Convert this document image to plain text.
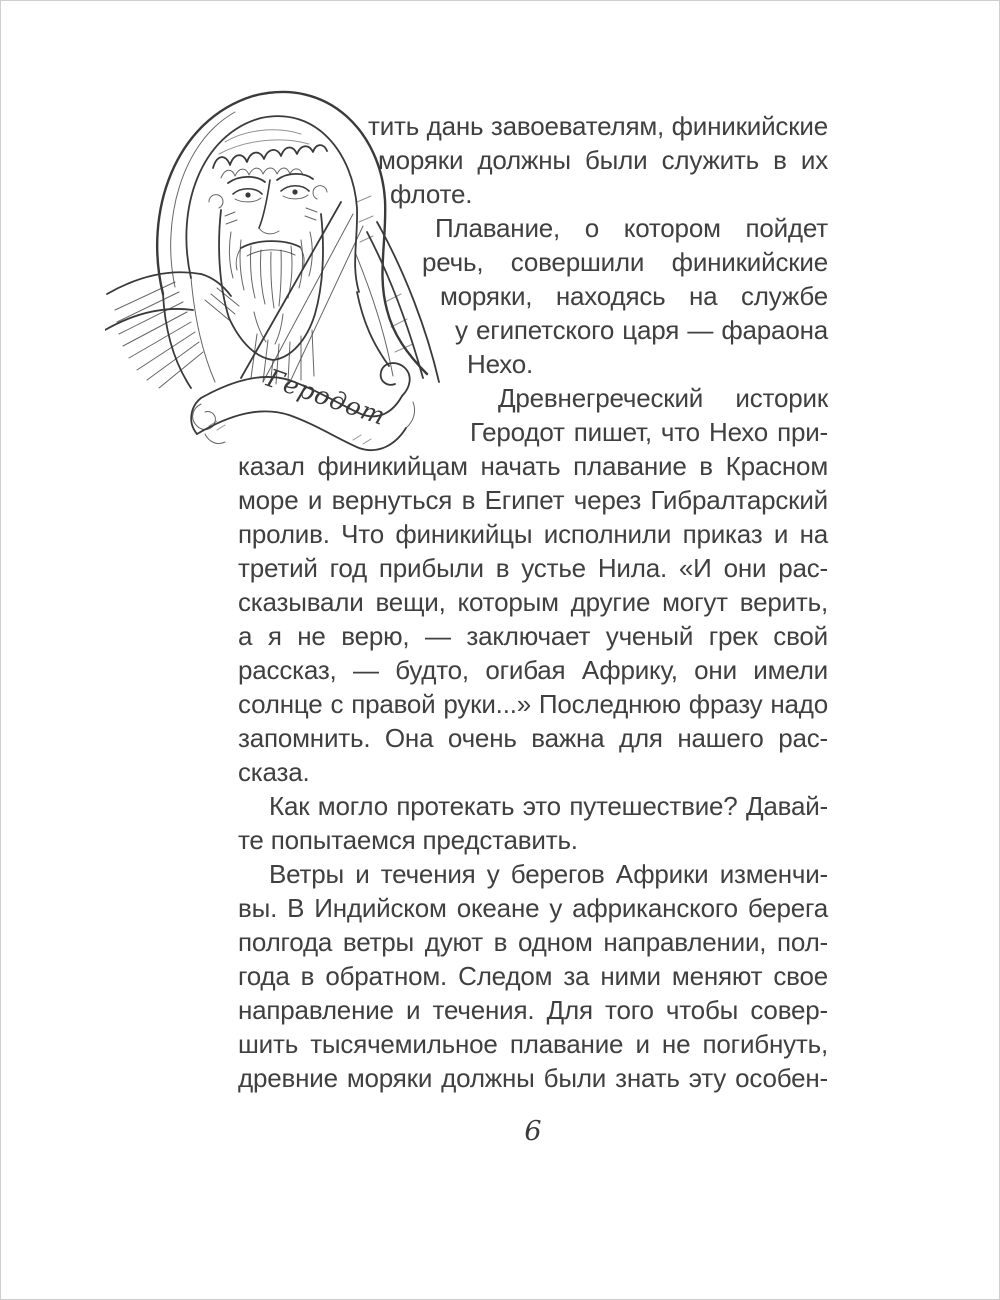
Геродот
тить дань завоевателям, финикийские
моряки должны были служить в их
флоте.
Плавание, о котором пойдет
речь, совершили финикийские
моряки, находясь на службе
у египетского царя — фараона
Нехо.
Древнегреческий историк
Геродот пишет, что Нехо при-
казал финикийцам начать плавание в Красном
море и вернуться в Египет через Гибралтарский
пролив. Что финикийцы исполнили приказ и на
третий год прибыли в устье Нила. «И они рас-
сказывали вещи, которым другие могут верить,
а я не верю, — заключает ученый грек свой
рассказ, — будто, огибая Африку, они имели
солнце с правой руки...» Последнюю фразу надо
запомнить. Она очень важна для нашего рас-
сказа.
Как могло протекать это путешествие? Давай-
те попытаемся представить.
Ветры и течения у берегов Африки изменчи-
вы. В Индийском океане у африканского берега
полгода ветры дуют в одном направлении, пол-
года в обратном. Следом за ними меняют свое
направление и течения. Для того чтобы совер-
шить тысячемильное плавание и не погибнуть,
древние моряки должны были знать эту особен-
6
